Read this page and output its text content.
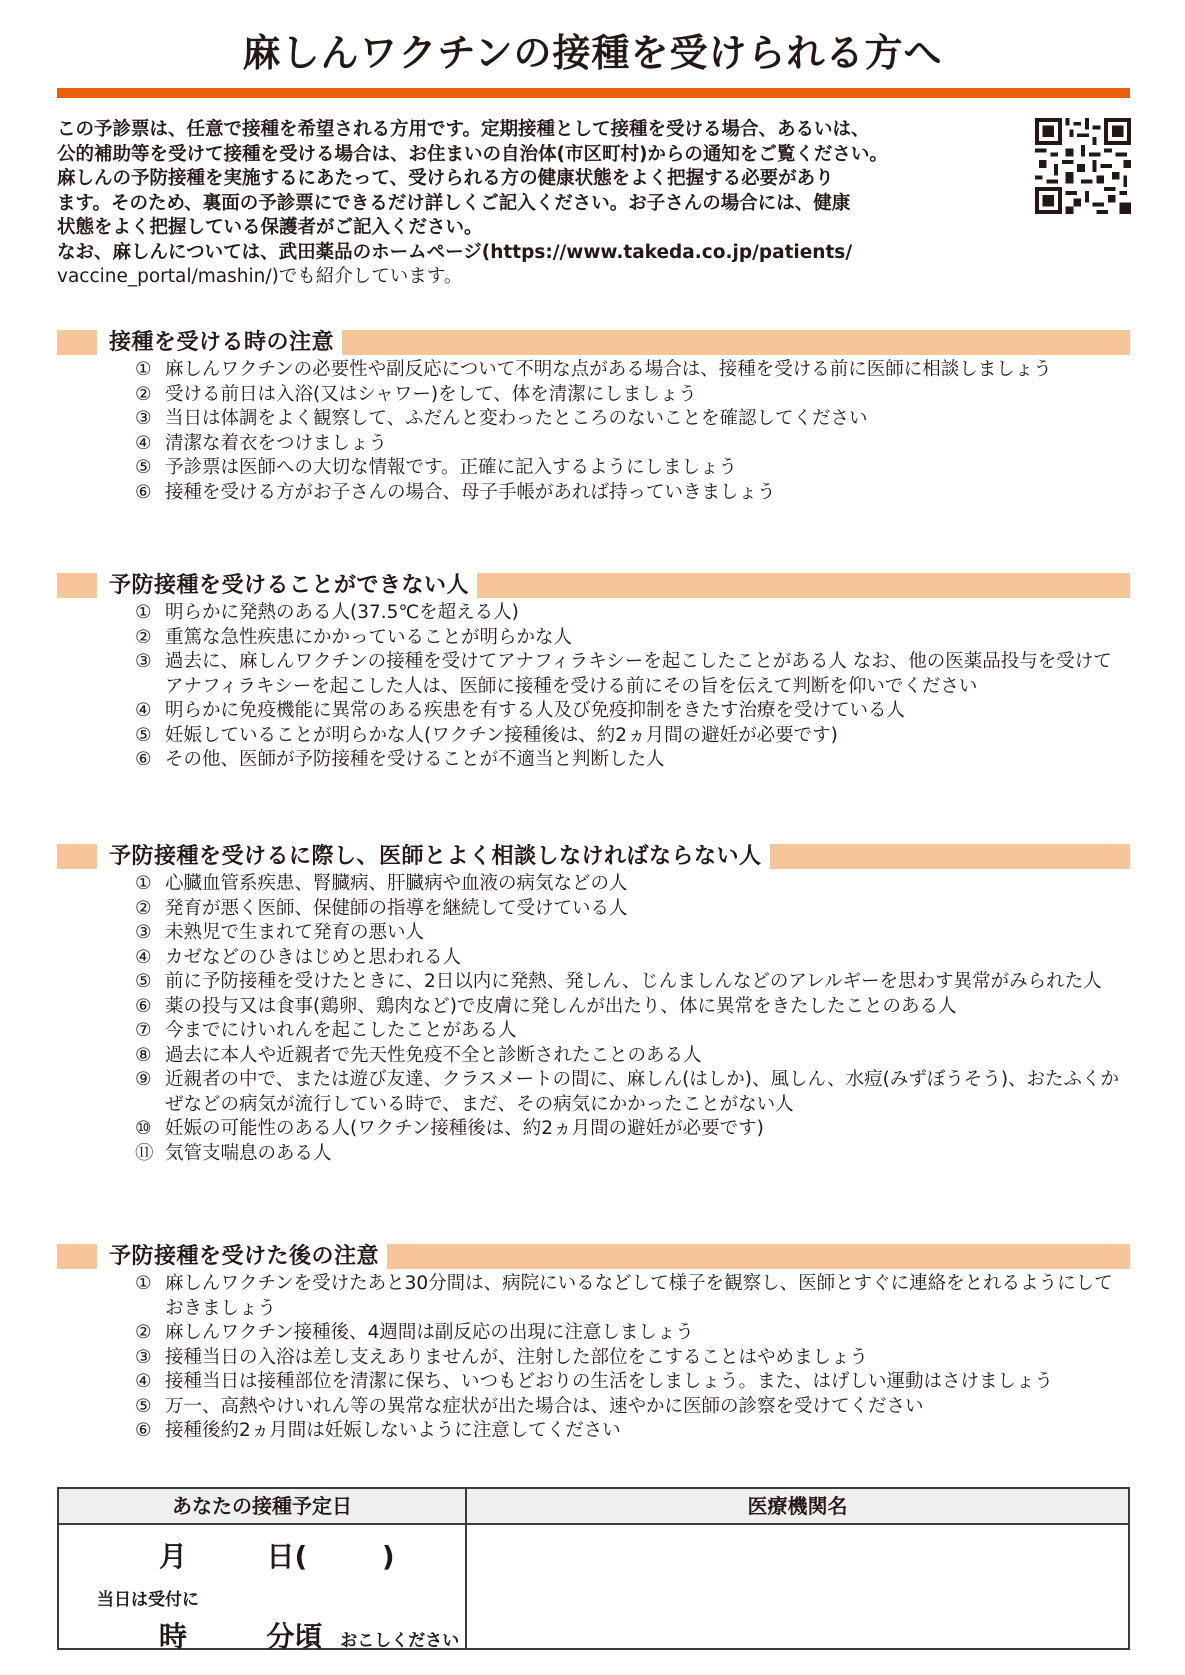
麻しんワクチンの接種を受けられる方へ
この予診票は、任意で接種を希望される方用です。定期接種として接種を受ける場合、あるいは、
公的補助等を受けて接種を受ける場合は、お住まいの自治体(市区町村)からの通知をご覧ください。
麻しんの予防接種を実施するにあたって、受けられる方の健康状態をよく把握する必要があり
ます。そのため、裏面の予診票にできるだけ詳しくご記入ください。お子さんの場合には、健康
状態をよく把握している保護者がご記入ください。
なお、麻しんについては、武田薬品のホームページ(https://www.takeda.co.jp/patients/
vaccine_portal/mashin/)でも紹介しています。
接種を受ける時の注意
① 麻しんワクチンの必要性や副反応について不明な点がある場合は、接種を受ける前に医師に相談しましょう
② 受ける前日は入浴(又はシャワー)をして、体を清潔にしましょう
③ 当日は体調をよく観察して、ふだんと変わったところのないことを確認してください
④ 清潔な着衣をつけましょう
⑤ 予診票は医師への大切な情報です。正確に記入するようにしましょう
⑥ 接種を受ける方がお子さんの場合、母子手帳があれば持っていきましょう
予防接種を受けることができない人
① 明らかに発熱のある人(37.5℃を超える人)
② 重篤な急性疾患にかかっていることが明らかな人
③ 過去に、麻しんワクチンの接種を受けてアナフィラキシーを起こしたことがある人 なお、他の医薬品投与を受けてアナフィラキシーを起こした人は、医師に接種を受ける前にその旨を伝えて判断を仰いでください
④ 明らかに免疫機能に異常のある疾患を有する人及び免疫抑制をきたす治療を受けている人
⑤ 妊娠していることが明らかな人(ワクチン接種後は、約2ヵ月間の避妊が必要です)
⑥ その他、医師が予防接種を受けることが不適当と判断した人
予防接種を受けるに際し、医師とよく相談しなければならない人
① 心臓血管系疾患、腎臓病、肝臓病や血液の病気などの人
② 発育が悪く医師、保健師の指導を継続して受けている人
③ 未熟児で生まれて発育の悪い人
④ カゼなどのひきはじめと思われる人
⑤ 前に予防接種を受けたときに、2日以内に発熱、発しん、じんましんなどのアレルギーを思わす異常がみられた人
⑥ 薬の投与又は食事(鶏卵、鶏肉など)で皮膚に発しんが出たり、体に異常をきたしたことのある人
⑦ 今までにけいれんを起こしたことがある人
⑧ 過去に本人や近親者で先天性免疫不全と診断されたことのある人
⑨ 近親者の中で、または遊び友達、クラスメートの間に、麻しん(はしか)、風しん、水痘(みずぼうそう)、おたふくかぜなどの病気が流行している時で、まだ、その病気にかかったことがない人
⑩ 妊娠の可能性のある人(ワクチン接種後は、約2ヵ月間の避妊が必要です)
⑪ 気管支喘息のある人
予防接種を受けた後の注意
① 麻しんワクチンを受けたあと30分間は、病院にいるなどして様子を観察し、医師とすぐに連絡をとれるようにしておきましょう
② 麻しんワクチン接種後、4週間は副反応の出現に注意しましょう
③ 接種当日の入浴は差し支えありませんが、注射した部位をこすることはやめましょう
④ 接種当日は接種部位を清潔に保ち、いつもどおりの生活をしましょう。また、はげしい運動はさけましょう
⑤ 万一、高熱やけいれん等の異常な症状が出た場合は、速やかに医師の診察を受けてください
⑥ 接種後約2ヵ月間は妊娠しないように注意してください
あなたの接種予定日	医療機関名
月	日(	)
当日は受付に
時	分頃 おこしください
